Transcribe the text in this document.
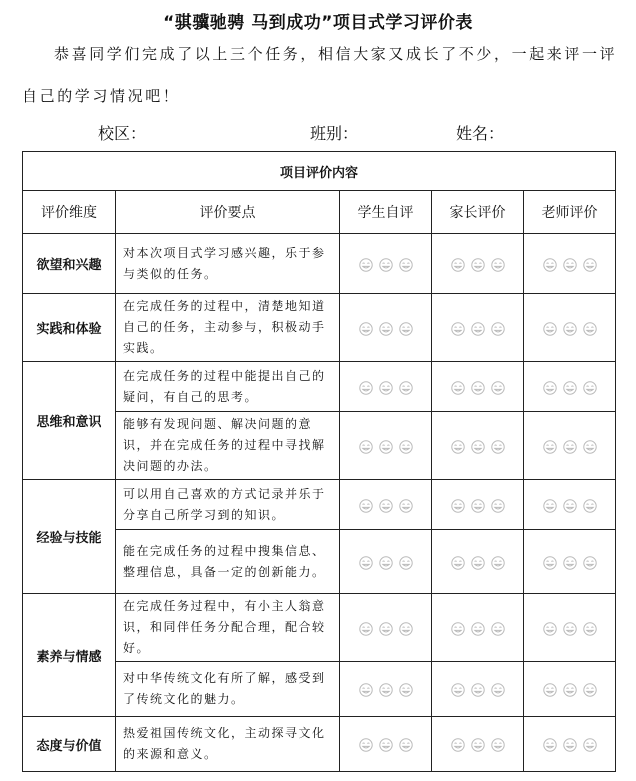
“骐骥驰骋 马到成功”项目式学习评价表
恭喜同学们完成了以上三个任务，相信大家又成长了不少，一起来评一评
自己的学习情况吧！
校区：	班别：	姓名：
项目评价内容				
评价维度	评价要点	学生自评	家长评价	老师评价
欲望和兴趣	对本次项目式学习感兴趣，乐于参与类似的任务。	

实践和体验	在完成任务的过程中，清楚地知道自己的任务，主动参与，积极动手实践。	

思维和意识	在完成任务的过程中能提出自己的疑问，有自己的思考。	

	能够有发现问题、解决问题的意识，并在完成任务的过程中寻找解决问题的办法。	

经验与技能	可以用自己喜欢的方式记录并乐于分享自己所学习到的知识。	

	能在完成任务的过程中搜集信息、整理信息，具备一定的创新能力。	

素养与情感	在完成任务过程中，有小主人翁意识，和同伴任务分配合理，配合较好。	

	对中华传统文化有所了解，感受到了传统文化的魅力。	

态度与价值	热爱祖国传统文化，主动探寻文化的来源和意义。	
